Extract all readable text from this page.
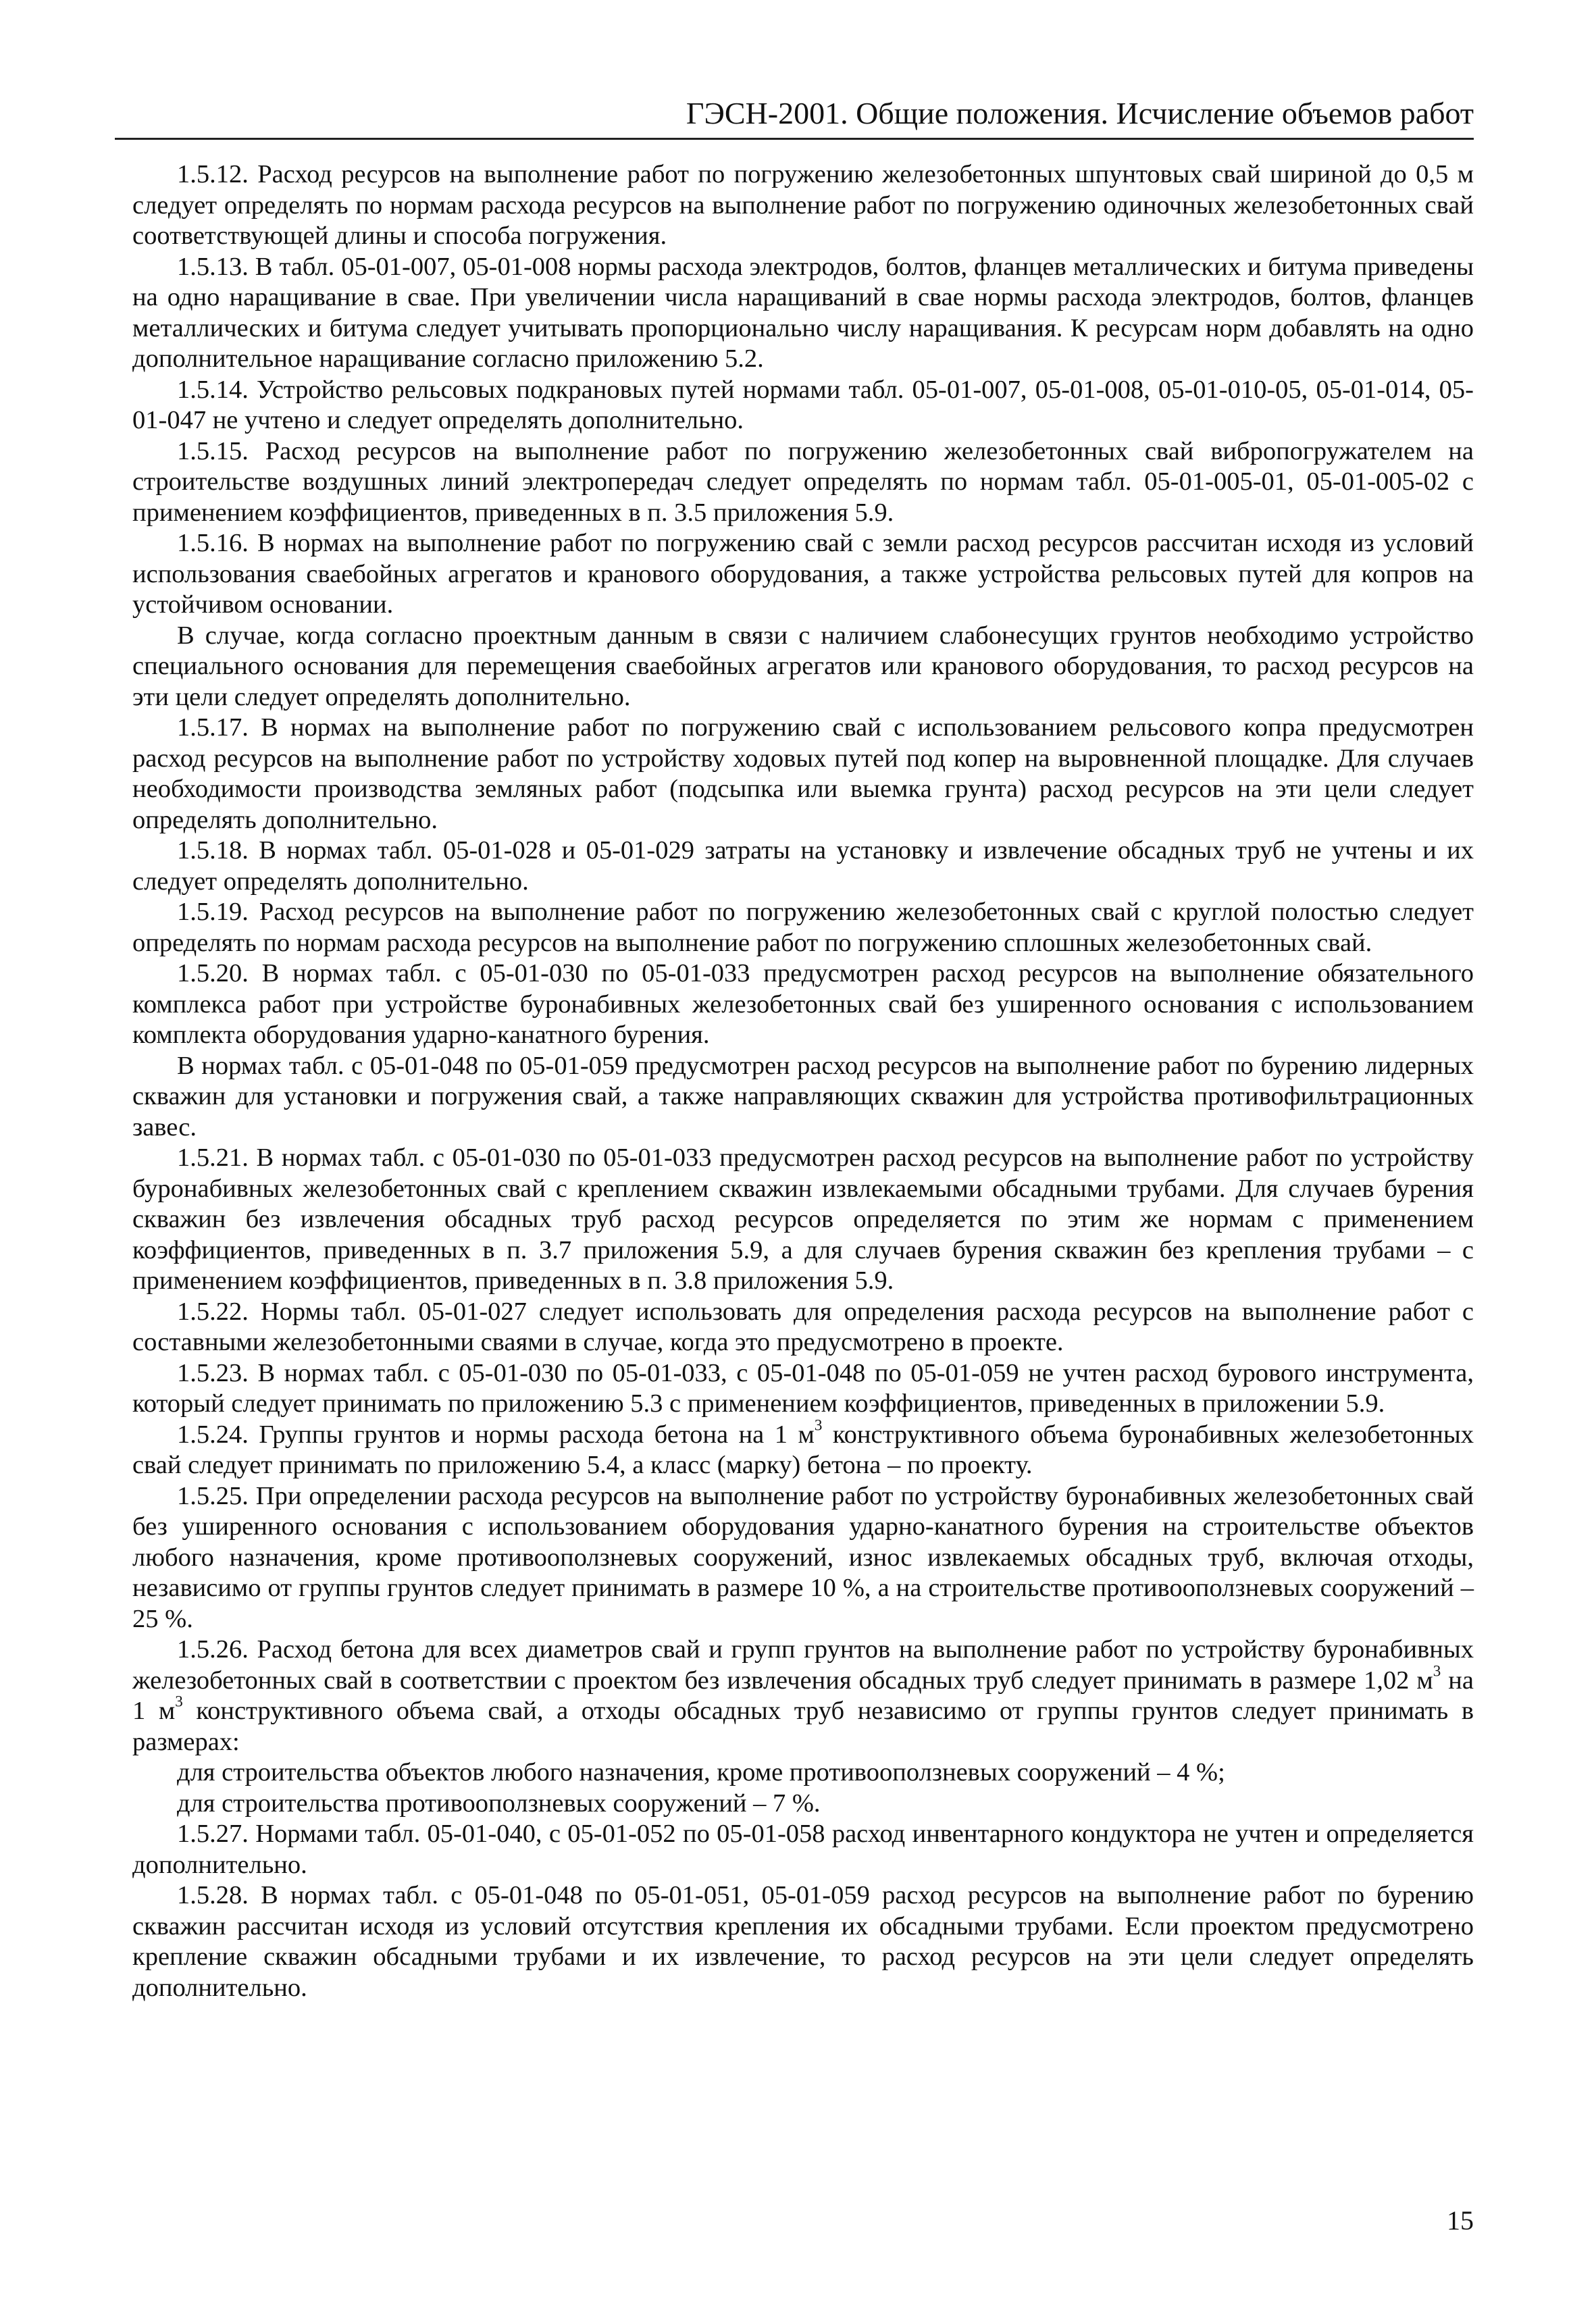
ГЭСН-2001. Общие положения. Исчисление объемов работ

1.5.12. Расход ресурсов на выполнение работ по погружению железобетонных шпунтовых свай шириной до 0,5 м следует определять по нормам расхода ресурсов на выполнение работ по погружению одиночных железобетонных свай соответствующей длины и способа погружения.

1.5.13. В табл. 05-01-007, 05-01-008 нормы расхода электродов, болтов, фланцев металлических и битума приведены на одно наращивание в свае. При увеличении числа наращиваний в свае нормы расхода электродов, болтов, фланцев металлических и битума следует учитывать пропорционально числу наращивания. К ресурсам норм добавлять на одно дополнительное наращивание согласно приложению 5.2.

1.5.14. Устройство рельсовых подкрановых путей нормами табл. 05-01-007, 05-01-008, 05-01-010-05, 05-01-014, 05-01-047 не учтено и следует определять дополнительно.

1.5.15. Расход ресурсов на выполнение работ по погружению железобетонных свай вибропогружателем на строительстве воздушных линий электропередач следует определять по нормам табл. 05-01-005-01, 05-01-005-02 с применением коэффициентов, приведенных в п. 3.5 приложения 5.9.

1.5.16. В нормах на выполнение работ по погружению свай с земли расход ресурсов рассчитан исходя из условий использования сваебойных агрегатов и кранового оборудования, а также устройства рельсовых путей для копров на устойчивом основании.

В случае, когда согласно проектным данным в связи с наличием слабонесущих грунтов необходимо устройство специального основания для перемещения сваебойных агрегатов или кранового оборудования, то расход ресурсов на эти цели следует определять дополнительно.

1.5.17. В нормах на выполнение работ по погружению свай с использованием рельсового копра предусмотрен расход ресурсов на выполнение работ по устройству ходовых путей под копер на выровненной площадке. Для случаев необходимости производства земляных работ (подсыпка или выемка грунта) расход ресурсов на эти цели следует определять дополнительно.

1.5.18. В нормах табл. 05-01-028 и 05-01-029 затраты на установку и извлечение обсадных труб не учтены и их следует определять дополнительно.

1.5.19. Расход ресурсов на выполнение работ по погружению железобетонных свай с круглой полостью следует определять по нормам расхода ресурсов на выполнение работ по погружению сплошных железобетонных свай.

1.5.20. В нормах табл. с 05-01-030 по 05-01-033 предусмотрен расход ресурсов на выполнение обязательного комплекса работ при устройстве буронабивных железобетонных свай без уширенного основания с использованием комплекта оборудования ударно-канатного бурения.

В нормах табл. с 05-01-048 по 05-01-059 предусмотрен расход ресурсов на выполнение работ по бурению лидерных скважин для установки и погружения свай, а также направляющих скважин для устройства противофильтрационных завес.

1.5.21. В нормах табл. с 05-01-030 по 05-01-033 предусмотрен расход ресурсов на выполнение работ по устройству буронабивных железобетонных свай с креплением скважин извлекаемыми обсадными трубами. Для случаев бурения скважин без извлечения обсадных труб расход ресурсов определяется по этим же нормам с применением коэффициентов, приведенных в п. 3.7 приложения 5.9, а для случаев бурения скважин без крепления трубами – с применением коэффициентов, приведенных в п. 3.8 приложения 5.9.

1.5.22. Нормы табл. 05-01-027 следует использовать для определения расхода ресурсов на выполнение работ с составными железобетонными сваями в случае, когда это предусмотрено в проекте.

1.5.23. В нормах табл. с 05-01-030 по 05-01-033, с 05-01-048 по 05-01-059 не учтен расход бурового инструмента, который следует принимать по приложению 5.3 с применением коэффициентов, приведенных в приложении 5.9.

1.5.24. Группы грунтов и нормы расхода бетона на 1 $м^3$ конструктивного объема буронабивных железобетонных свай следует принимать по приложению 5.4, а класс (марку) бетона – по проекту.

1.5.25. При определении расхода ресурсов на выполнение работ по устройству буронабивных железобетонных свай без уширенного основания с использованием оборудования ударно-канатного бурения на строительстве объектов любого назначения, кроме противооползневых сооружений, износ извлекаемых обсадных труб, включая отходы, независимо от группы грунтов следует принимать в размере 10 %, а на строительстве противооползневых сооружений – 25 %.

1.5.26. Расход бетона для всех диаметров свай и групп грунтов на выполнение работ по устройству буронабивных железобетонных свай в соответствии с проектом без извлечения обсадных труб следует принимать в размере 1,02 $м^3$ на 1 $м^3$ конструктивного объема свай, а отходы обсадных труб независимо от группы грунтов следует принимать в размерах:

для строительства объектов любого назначения, кроме противооползневых сооружений – 4 %;

для строительства противооползневых сооружений – 7 %.

1.5.27. Нормами табл. 05-01-040, с 05-01-052 по 05-01-058 расход инвентарного кондуктора не учтен и определяется дополнительно.

1.5.28. В нормах табл. с 05-01-048 по 05-01-051, 05-01-059 расход ресурсов на выполнение работ по бурению скважин рассчитан исходя из условий отсутствия крепления их обсадными трубами. Если проектом предусмотрено крепление скважин обсадными трубами и их извлечение, то расход ресурсов на эти цели следует определять дополнительно.

15
